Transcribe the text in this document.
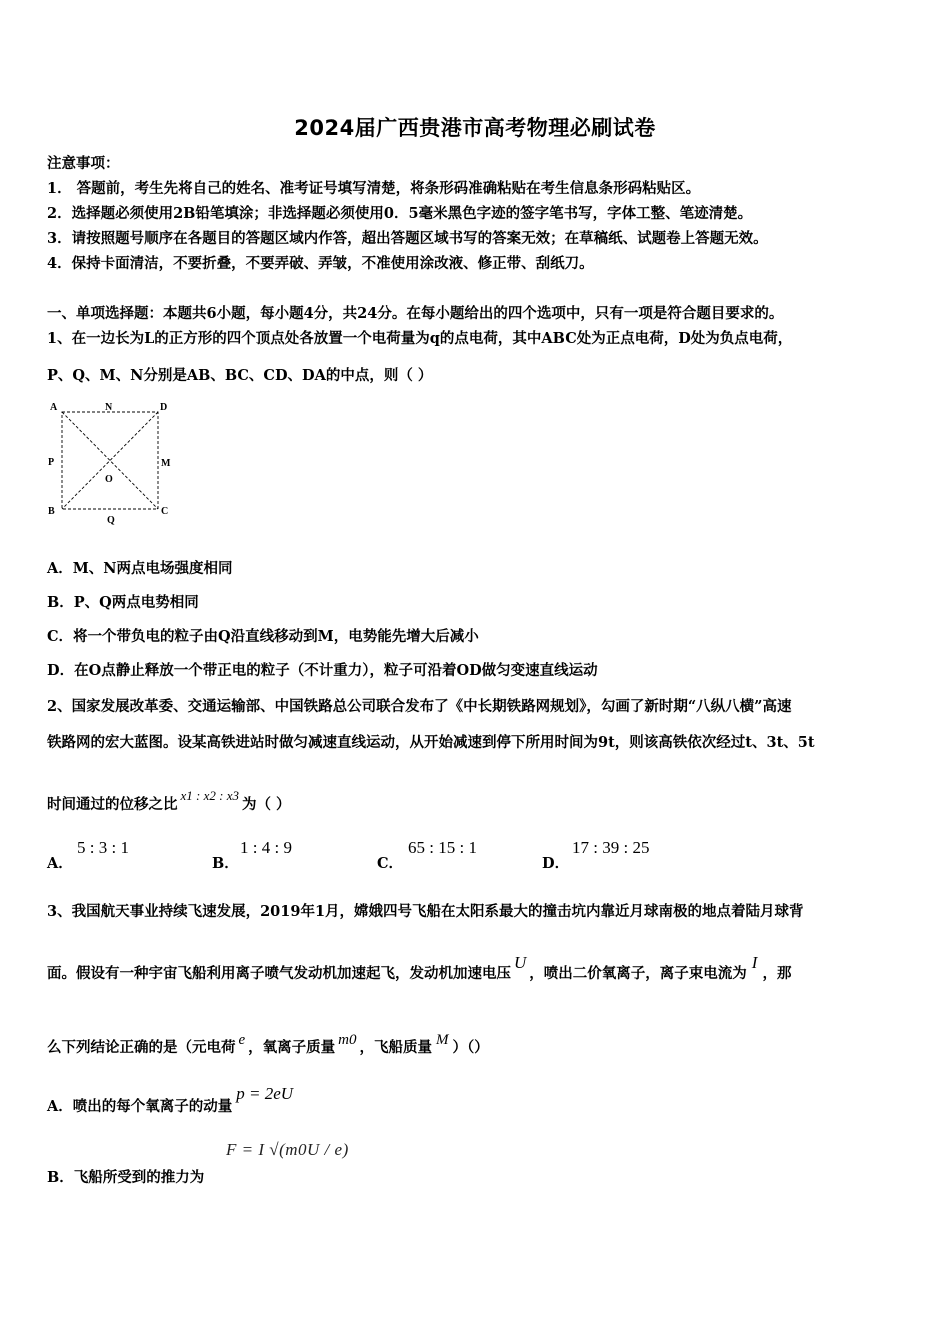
2024届广西贵港市高考物理必刷试卷
注意事项：
1． 答题前，考生先将自己的姓名、准考证号填写清楚，将条形码准确粘贴在考生信息条形码粘贴区。
2．选择题必须使用2B铅笔填涂；非选择题必须使用0．5毫米黑色字迹的签字笔书写，字体工整、笔迹清楚。
3．请按照题号顺序在各题目的答题区域内作答，超出答题区域书写的答案无效；在草稿纸、试题卷上答题无效。
4．保持卡面清洁，不要折叠，不要弄破、弄皱，不准使用涂改液、修正带、刮纸刀。
一、单项选择题：本题共6小题，每小题4分，共24分。在每小题给出的四个选项中，只有一项是符合题目要求的。
1、在一边长为L的正方形的四个顶点处各放置一个电荷量为q的点电荷，其中ABC处为正点电荷，D处为负点电荷，
P、Q、M、N分别是AB、BC、CD、DA的中点，则（ ）
A	N	D
P	M
O
B
Q
C
A．M、N两点电场强度相同
B．P、Q两点电势相同
C．将一个带负电的粒子由Q沿直线移动到M，电势能先增大后减小
D．在O点静止释放一个带正电的粒子（不计重力），粒子可沿着OD做匀变速直线运动
2、国家发展改革委、交通运输部、中国铁路总公司联合发布了《中长期铁路网规划》，勾画了新时期“八纵八横”高速
铁路网的宏大蓝图。设某高铁进站时做匀减速直线运动，从开始减速到停下所用时间为9t，则该高铁依次经过t、3t、5t
时间通过的位移之比x1 : x2 : x3为（ ）
A．
5 : 3 : 1
B．
1 : 4 : 9
C．
65 : 15 : 1
D．
17 : 39 : 25
3、我国航天事业持续飞速发展，2019年1月，嫦娥四号飞船在太阳系最大的撞击坑内靠近月球南极的地点着陆月球背
面。假设有一种宇宙飞船利用离子喷气发动机加速起飞，发动机加速电压U，喷出二价氧离子，离子束电流为I，那
么下列结论正确的是（元电荷 e ，氧离子质量 m0 ，飞船质量 M ）（）
A．喷出的每个氧离子的动量p = 2eU
B．飞船所受到的推力为
F = I √(m0U / e)
